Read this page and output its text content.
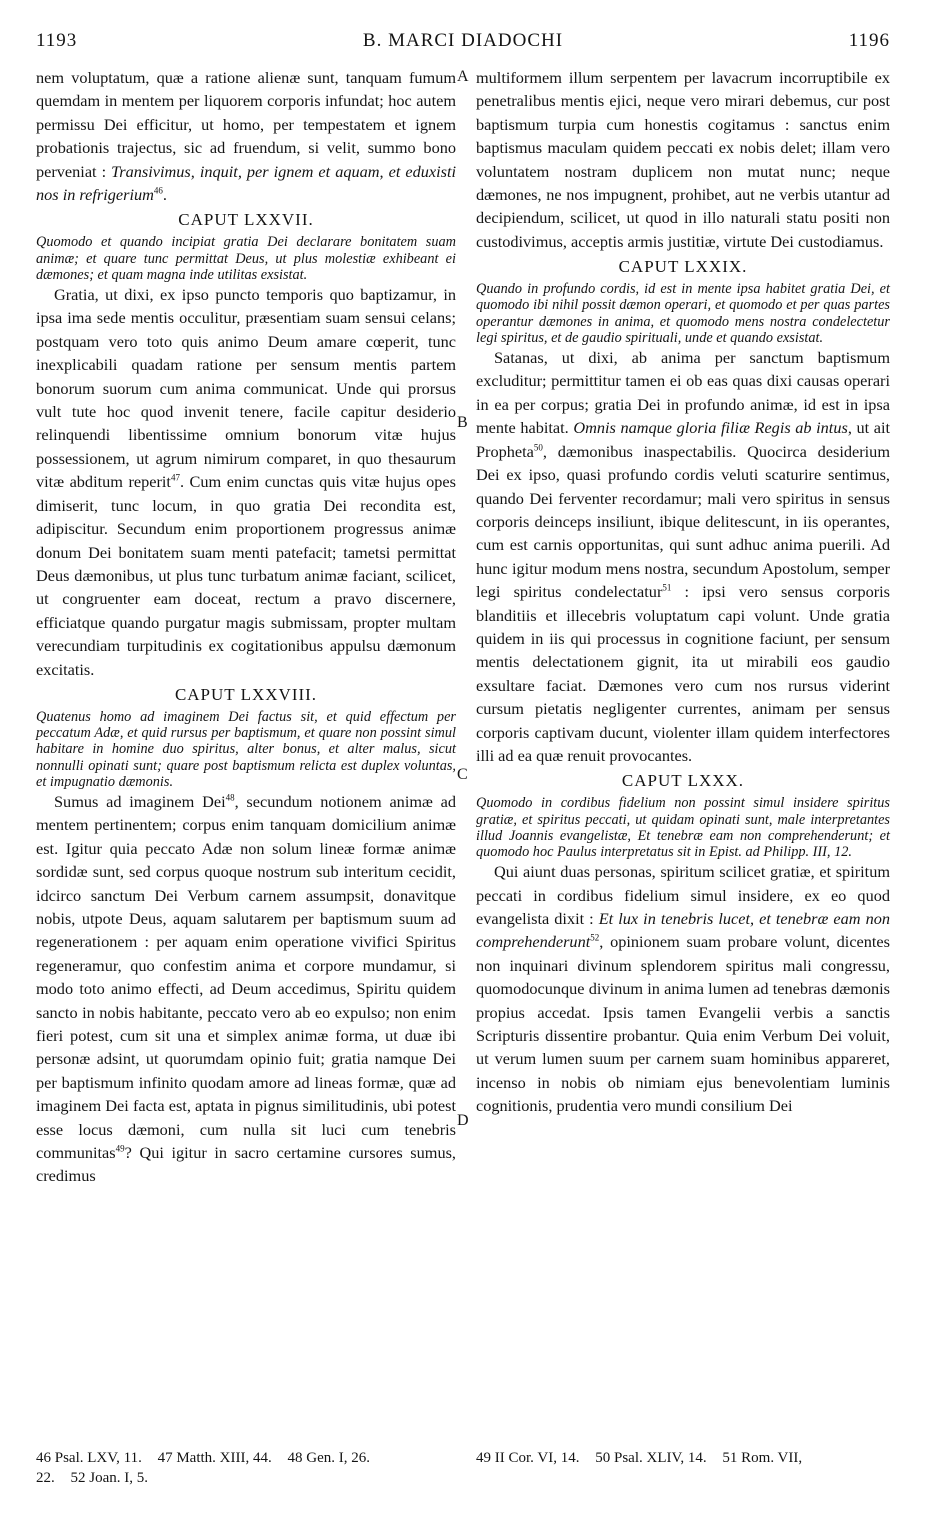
1193	B. MARCI DIADOCHI	1196
A
B
C
D

nem voluptatum, quæ a ratione alienæ sunt, tanquam fumum quemdam in mentem per liquorem corporis infundat; hoc autem permissu Dei efficitur, ut homo, per tempestatem et ignem probationis trajectus, sic ad fruendum, si velit, summo bono perveniat : Transivimus, inquit, per ignem et aquam, et eduxisti nos in refrigerium$^{46}$.

CAPUT LXXVII.

Quomodo et quando incipiat gratia Dei declarare bonitatem suam animæ; et quare tunc permittat Deus, ut plus molestiæ exhibeant ei dæmones; et quam magna inde utilitas exsistat.

Gratia, ut dixi, ex ipso puncto temporis quo baptizamur, in ipsa ima sede mentis occulitur, præsentiam suam sensui celans; postquam vero toto quis animo Deum amare cœperit, tunc inexplicabili quadam ratione per sensum mentis partem bonorum suorum cum anima communicat. Unde qui prorsus vult tute hoc quod invenit tenere, facile capitur desiderio relinquendi libentissime omnium bonorum vitæ hujus possessionem, ut agrum nimirum comparet, in quo thesaurum vitæ abditum reperit$^{47}$. Cum enim cunctas quis vitæ hujus opes dimiserit, tunc locum, in quo gratia Dei recondita est, adipiscitur. Secundum enim proportionem progressus animæ donum Dei bonitatem suam menti patefacit; tametsi permittat Deus dæmonibus, ut plus tunc turbatum animæ faciant, scilicet, ut congruenter eam doceat, rectum a pravo discernere, efficiatque quando purgatur magis submissam, propter multam verecundiam turpitudinis ex cogitationibus appulsu dæmonum excitatis.

CAPUT LXXVIII.

Quatenus homo ad imaginem Dei factus sit, et quid effectum per peccatum Adæ, et quid rursus per baptismum, et quare non possint simul habitare in homine duo spiritus, alter bonus, et alter malus, sicut nonnulli opinati sunt; quare post baptismum relicta est duplex voluntas, et impugnatio dæmonis.

Sumus ad imaginem Dei$^{48}$, secundum notionem animæ ad mentem pertinentem; corpus enim tanquam domicilium animæ est. Igitur quia peccato Adæ non solum lineæ formæ animæ sordidæ sunt, sed corpus quoque nostrum sub interitum cecidit, idcirco sanctum Dei Verbum carnem assumpsit, donavitque nobis, utpote Deus, aquam salutarem per baptismum suum ad regenerationem : per aquam enim operatione vivifici Spiritus regeneramur, quo confestim anima et corpore mundamur, si modo toto animo effecti, ad Deum accedimus, Spiritu quidem sancto in nobis habitante, peccato vero ab eo expulso; non enim fieri potest, cum sit una et simplex animæ forma, ut duæ ibi personæ adsint, ut quorumdam opinio fuit; gratia namque Dei per baptismum infinito quodam amore ad lineas formæ, quæ ad imaginem Dei facta est, aptata in pignus similitudinis, ubi potest esse locus dæmoni, cum nulla sit luci cum tenebris communitas$^{49}$? Qui igitur in sacro certamine cursores sumus, credimus

multiformem illum serpentem per lavacrum incorruptibile ex penetralibus mentis ejici, neque vero mirari debemus, cur post baptismum turpia cum honestis cogitamus : sanctus enim baptismus maculam quidem peccati ex nobis delet; illam vero voluntatem nostram duplicem non mutat nunc; neque dæmones, ne nos impugnent, prohibet, aut ne verbis utantur ad decipiendum, scilicet, ut quod in illo naturali statu positi non custodivimus, acceptis armis justitiæ, virtute Dei custodiamus.

CAPUT LXXIX.

Quando in profundo cordis, id est in mente ipsa habitet gratia Dei, et quomodo ibi nihil possit dæmon operari, et quomodo et per quas partes operantur dæmones in anima, et quomodo mens nostra condelectetur legi spiritus, et de gaudio spirituali, unde et quando exsistat.

Satanas, ut dixi, ab anima per sanctum baptismum excluditur; permittitur tamen ei ob eas quas dixi causas operari in ea per corpus; gratia Dei in profundo animæ, id est in ipsa mente habitat. Omnis namque gloria filiæ Regis ab intus, ut ait Propheta$^{50}$, dæmonibus inaspectabilis. Quocirca desiderium Dei ex ipso, quasi profundo cordis veluti scaturire sentimus, quando Dei ferventer recordamur; mali vero spiritus in sensus corporis deinceps insiliunt, ibique delitescunt, in iis operantes, cum est carnis opportunitas, qui sunt adhuc anima puerili. Ad hunc igitur modum mens nostra, secundum Apostolum, semper legi spiritus condelectatur$^{51}$ : ipsi vero sensus corporis blanditiis et illecebris voluptatum capi volunt. Unde gratia quidem in iis qui processus in cognitione faciunt, per sensum mentis delectationem gignit, ita ut mirabili eos gaudio exsultare faciat. Dæmones vero cum nos rursus viderint cursum pietatis negligenter currentes, animam per sensus corporis captivam ducunt, violenter illam quidem interfectores illi ad ea quæ renuit provocantes.

CAPUT LXXX.

Quomodo in cordibus fidelium non possint simul insidere spiritus gratiæ, et spiritus peccati, ut quidam opinati sunt, male interpretantes illud Joannis evangelistæ, Et tenebræ eam non comprehenderunt; et quomodo hoc Paulus interpretatus sit in Epist. ad Philipp. III, 12.

Qui aiunt duas personas, spiritum scilicet gratiæ, et spiritum peccati in cordibus fidelium simul insidere, ex eo quod evangelista dixit : Et lux in tenebris lucet, et tenebræ eam non comprehenderunt$^{52}$, opinionem suam probare volunt, dicentes non inquinari divinum splendorem spiritus mali congressu, quomodocunque divinum in anima lumen ad tenebras dæmonis propius accedat. Ipsis tamen Evangelii verbis a sanctis Scripturis dissentire probantur. Quia enim Verbum Dei voluit, ut verum lumen suum per carnem suam hominibus appareret, incenso in nobis ob nimiam ejus benevolentiam luminis cognitionis, prudentia vero mundi consilium Dei

46 Psal. LXV, 11. 47 Matth. XIII, 44. 48 Gen. I, 26.	49 II Cor. VI, 14. 50 Psal. XLIV, 14. 51 Rom. VII,
22. 52 Joan. I, 5.
